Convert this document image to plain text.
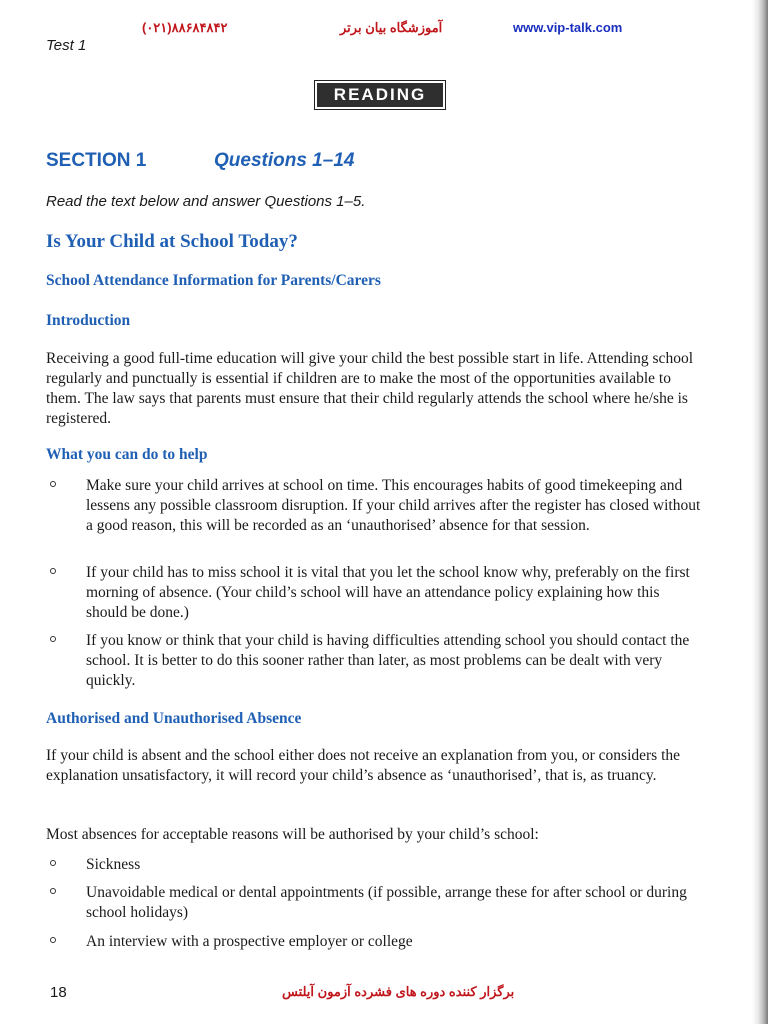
(۰۲۱)۸۸۶۸۴۸۴۲	آموزشگاه بیان برتر	www.vip-talk.com
Test 1
READING
SECTION 1	Questions 1–14
Read the text below and answer Questions 1–5.
Is Your Child at School Today?
School Attendance Information for Parents/Carers
Introduction

Receiving a good full-time education will give your child the best possible start in life. Attending school regularly and punctually is essential if children are to make the most of the opportunities available to them. The law says that parents must ensure that their child regularly attends the school where he/she is registered.

What you can do to help
Make sure your child arrives at school on time. This encourages habits of good timekeeping and lessens any possible classroom disruption. If your child arrives after the register has closed without a good reason, this will be recorded as an ‘unauthorised’ absence for that session.
If your child has to miss school it is vital that you let the school know why, preferably on the first morning of absence. (Your child’s school will have an attendance policy explaining how this should be done.)
If you know or think that your child is having difficulties attending school you should contact the school. It is better to do this sooner rather than later, as most problems can be dealt with very quickly.
Authorised and Unauthorised Absence

If your child is absent and the school either does not receive an explanation from you, or considers the explanation unsatisfactory, it will record your child’s absence as ‘unauthorised’, that is, as truancy.

Most absences for acceptable reasons will be authorised by your child’s school:

Sickness
Unavoidable medical or dental appointments (if possible, arrange these for after school or during school holidays)
An interview with a prospective employer or college
18	برگزار کننده دوره های فشرده آزمون آیلتس
